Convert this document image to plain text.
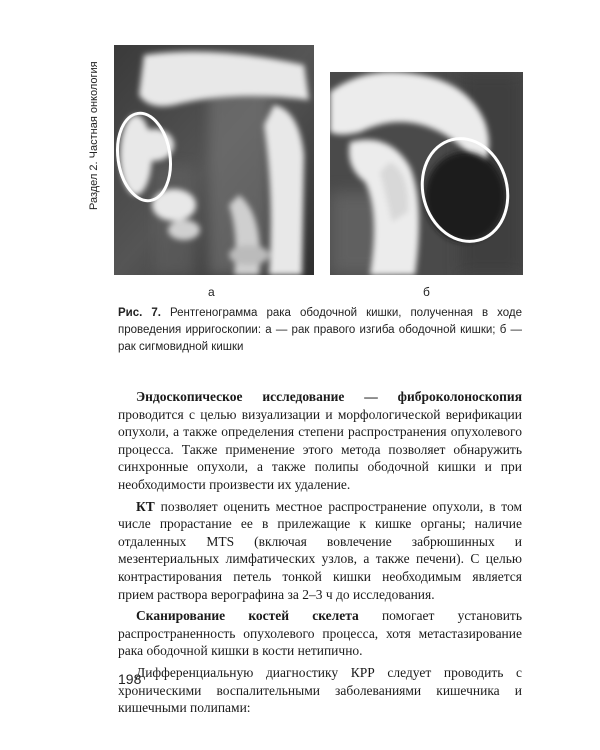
Раздел 2. Частная онкология
а	б
Рис. 7. Рентгенограмма рака ободочной кишки, полученная в ходе проведения ирригоскопии: а — рак правого изгиба ободочной кишки; б — рак сигмовидной кишки

Эндоскопическое исследование — фиброколоноскопия проводится с целью визуализации и морфологической верификации опухоли, а также определения степени распространения опухолевого процесса. Также применение этого метода позволяет обнаружить синхронные опухоли, а также полипы ободочной кишки и при необходимости произвести их удаление.

КТ позволяет оценить местное распространение опухоли, в том числе прорастание ее в прилежащие к кишке органы; наличие отдаленных MTS (включая вовлечение забрюшинных и мезентериальных лимфатических узлов, а также печени). С целью контрастирования петель тонкой кишки необходимым является прием раствора верографина за 2–3 ч до исследования.

Сканирование костей скелета помогает установить распространенность опухолевого процесса, хотя метастазирование рака ободочной кишки в кости нетипично.

Дифференциальную диагностику КРР следует проводить с хроническими воспалительными заболеваниями кишечника и кишечными полипами:

198
